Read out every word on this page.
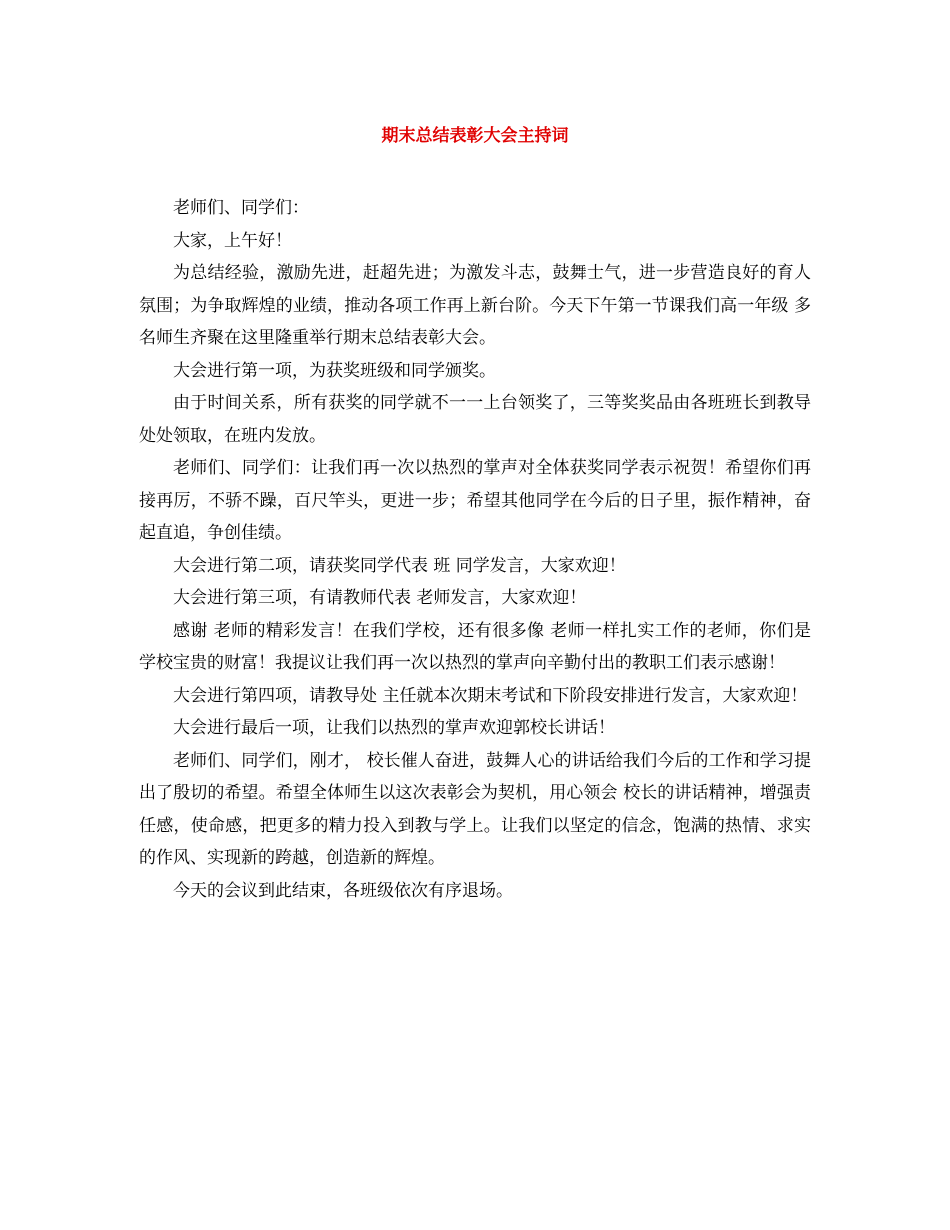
期末总结表彰大会主持词

老师们、同学们：

大家，上午好！

为总结经验，激励先进，赶超先进；为激发斗志，鼓舞士气，进一步营造良好的育人氛围；为争取辉煌的业绩，推动各项工作再上新台阶。今天下午第一节课我们高一年级 多名师生齐聚在这里隆重举行期末总结表彰大会。

大会进行第一项，为获奖班级和同学颁奖。

由于时间关系，所有获奖的同学就不一一上台领奖了，三等奖奖品由各班班长到教导处处领取，在班内发放。

老师们、同学们：让我们再一次以热烈的掌声对全体获奖同学表示祝贺！希望你们再接再厉，不骄不躁，百尺竿头，更进一步；希望其他同学在今后的日子里，振作精神，奋起直追，争创佳绩。

大会进行第二项，请获奖同学代表 班 同学发言，大家欢迎！

大会进行第三项，有请教师代表 老师发言，大家欢迎！

感谢 老师的精彩发言！在我们学校，还有很多像 老师一样扎实工作的老师，你们是学校宝贵的财富！我提议让我们再一次以热烈的掌声向辛勤付出的教职工们表示感谢！

大会进行第四项，请教导处 主任就本次期末考试和下阶段安排进行发言，大家欢迎！

大会进行最后一项，让我们以热烈的掌声欢迎郭校长讲话！

老师们、同学们，刚才， 校长催人奋进，鼓舞人心的讲话给我们今后的工作和学习提出了殷切的希望。希望全体师生以这次表彰会为契机，用心领会 校长的讲话精神，增强责任感，使命感，把更多的精力投入到教与学上。让我们以坚定的信念，饱满的热情、求实的作风、实现新的跨越，创造新的辉煌。

今天的会议到此结束，各班级依次有序退场。
